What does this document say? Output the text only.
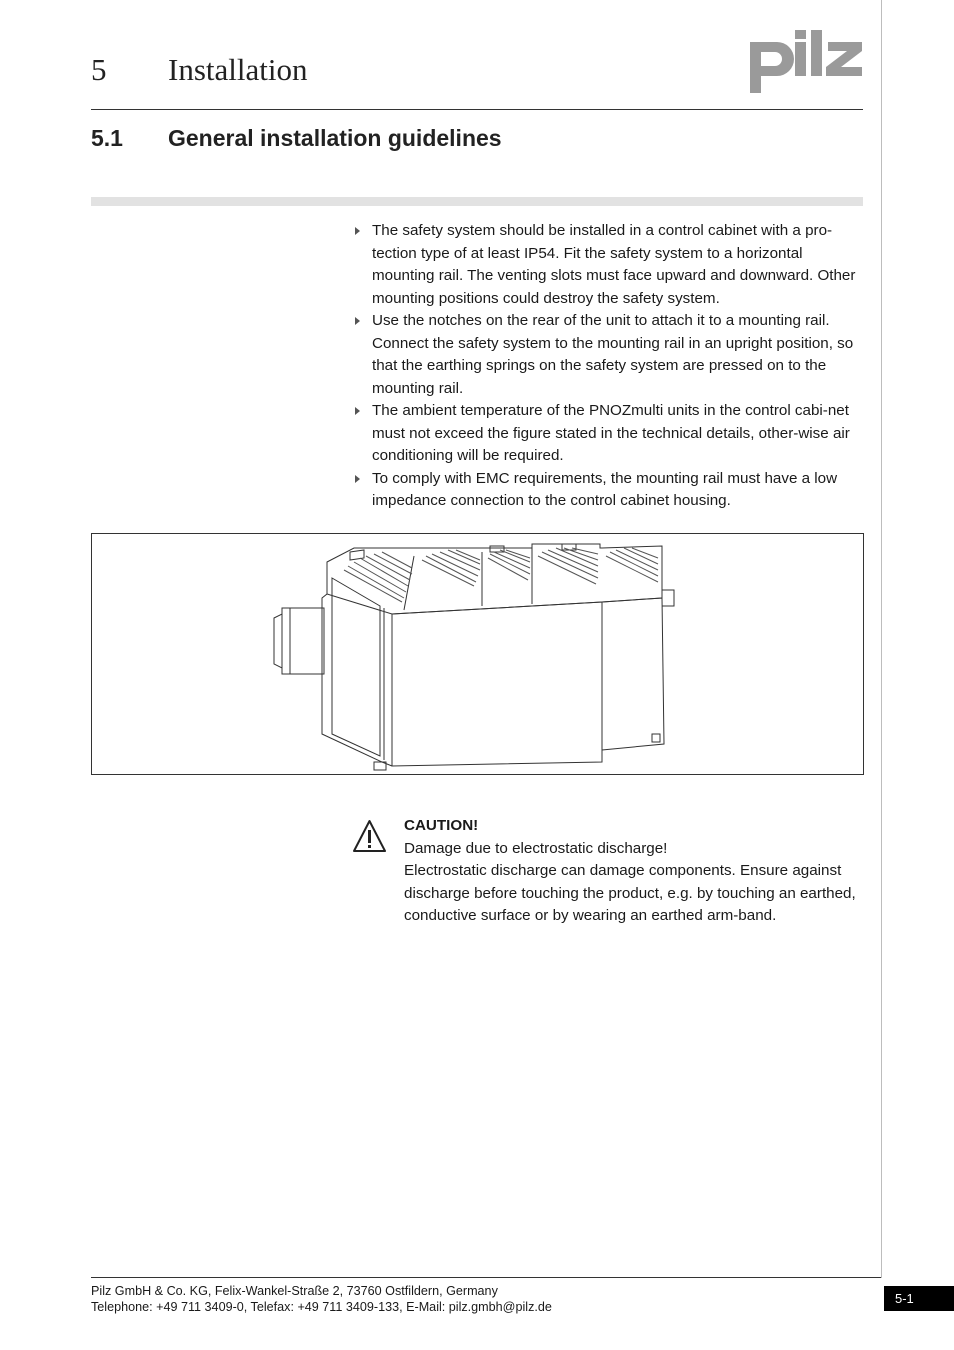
5 Installation
5.1 General installation guidelines
The safety system should be installed in a control cabinet with a pro-tection type of at least IP54. Fit the safety system to a horizontal mounting rail. The venting slots must face upward and downward. Other mounting positions could destroy the safety system.
Use the notches on the rear of the unit to attach it to a mounting rail. Connect the safety system to the mounting rail in an upright position, so that the earthing springs on the safety system are pressed on to the mounting rail.
The ambient temperature of the PNOZmulti units in the control cabi-net must not exceed the figure stated in the technical details, other-wise air conditioning will be required.
To comply with EMC requirements, the mounting rail must have a low impedance connection to the control cabinet housing.
CAUTION!
Damage due to electrostatic discharge!
Electrostatic discharge can damage components. Ensure against discharge before touching the product, e.g. by touching an earthed, conductive surface or by wearing an earthed arm-band.
Pilz GmbH & Co. KG, Felix-Wankel-Straße 2, 73760 Ostfildern, Germany
Telephone: +49 711 3409-0, Telefax: +49 711 3409-133, E-Mail: pilz.gmbh@pilz.de
5-1
